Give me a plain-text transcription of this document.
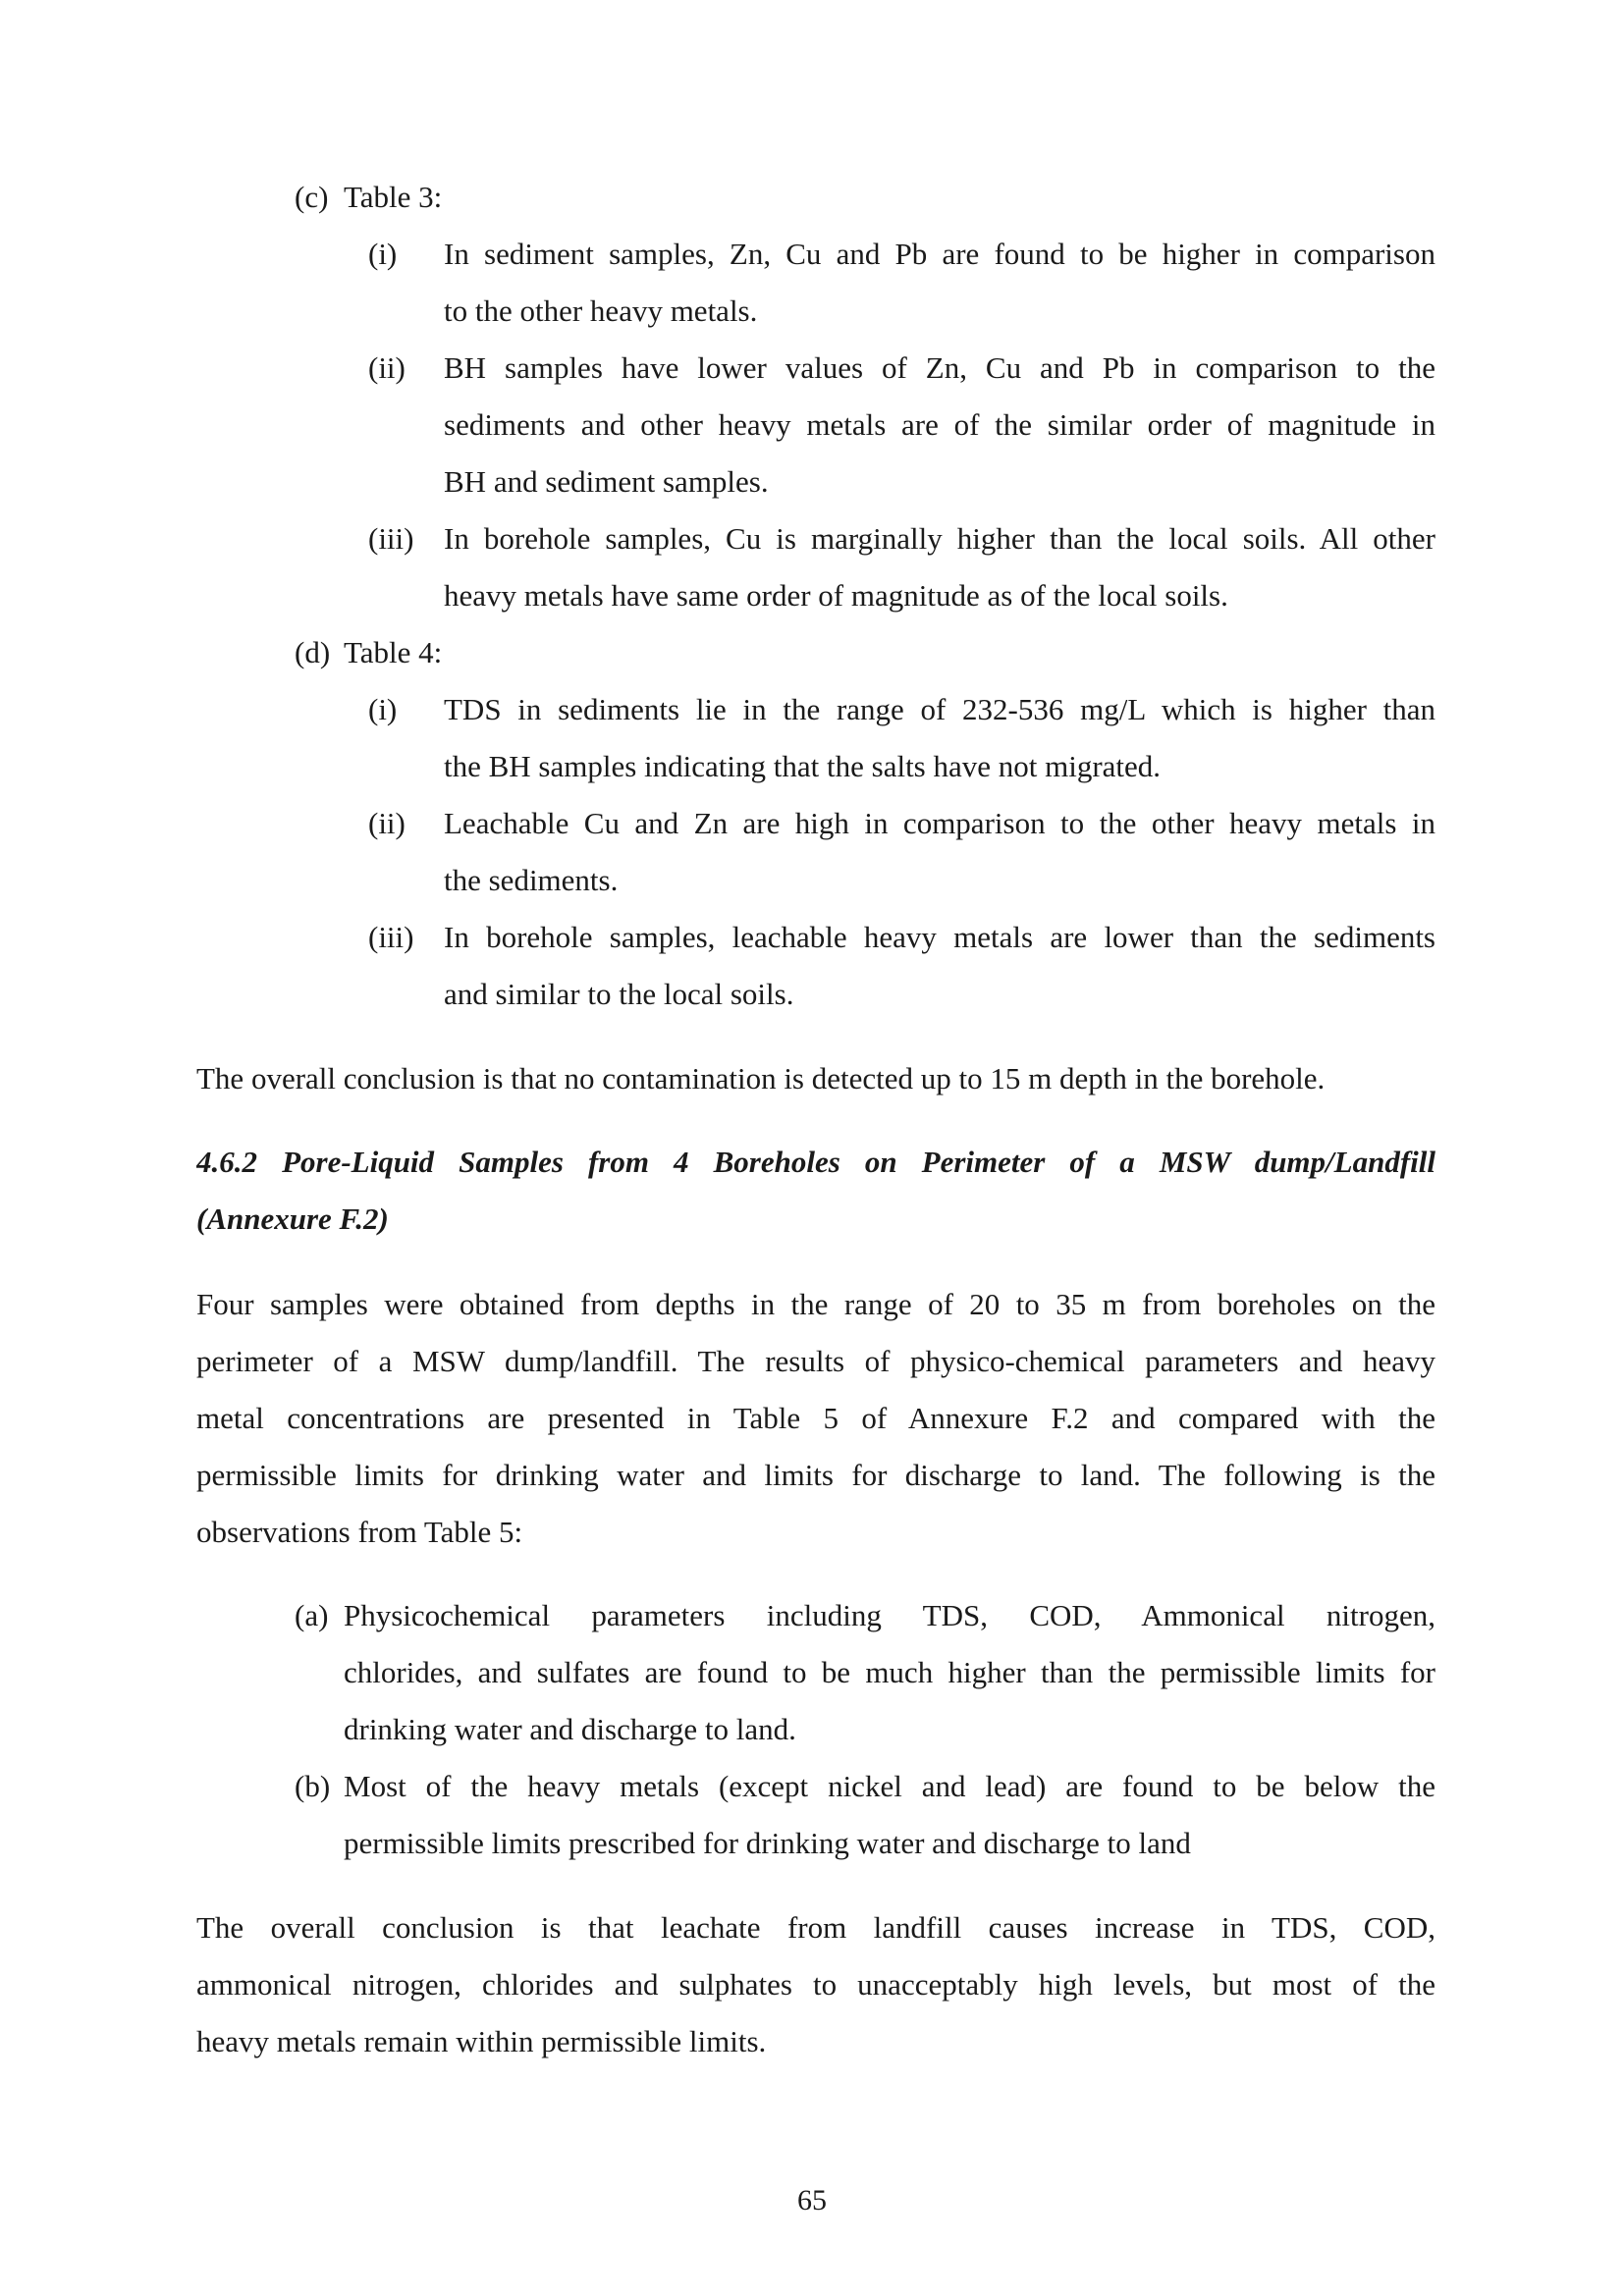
(c) Table 3:
(i) In sediment samples, Zn, Cu and Pb are found to be higher in comparison
to the other heavy metals.
(ii) BH samples have lower values of Zn, Cu and Pb in comparison to the
sediments and other heavy metals are of the similar order of magnitude in
BH and sediment samples.
(iii) In borehole samples, Cu is marginally higher than the local soils. All other
heavy metals have same order of magnitude as of the local soils.
(d) Table 4:
(i) TDS in sediments lie in the range of 232-536 mg/L which is higher than
the BH samples indicating that the salts have not migrated.
(ii) Leachable Cu and Zn are high in comparison to the other heavy metals in
the sediments.
(iii) In borehole samples, leachable heavy metals are lower than the sediments
and similar to the local soils.
The overall conclusion is that no contamination is detected up to 15 m depth in the borehole.
4.6.2 Pore-Liquid Samples from 4 Boreholes on Perimeter of a MSW dump/Landfill
(Annexure F.2)
Four samples were obtained from depths in the range of 20 to 35 m from boreholes on the
perimeter of a MSW dump/landfill. The results of physico-chemical parameters and heavy
metal concentrations are presented in Table 5 of Annexure F.2 and compared with the
permissible limits for drinking water and limits for discharge to land. The following is the
observations from Table 5:
(a) Physicochemical parameters including TDS, COD, Ammonical nitrogen,
chlorides, and sulfates are found to be much higher than the permissible limits for
drinking water and discharge to land.
(b) Most of the heavy metals (except nickel and lead) are found to be below the
permissible limits prescribed for drinking water and discharge to land
The overall conclusion is that leachate from landfill causes increase in TDS, COD,
ammonical nitrogen, chlorides and sulphates to unacceptably high levels, but most of the
heavy metals remain within permissible limits.
65
